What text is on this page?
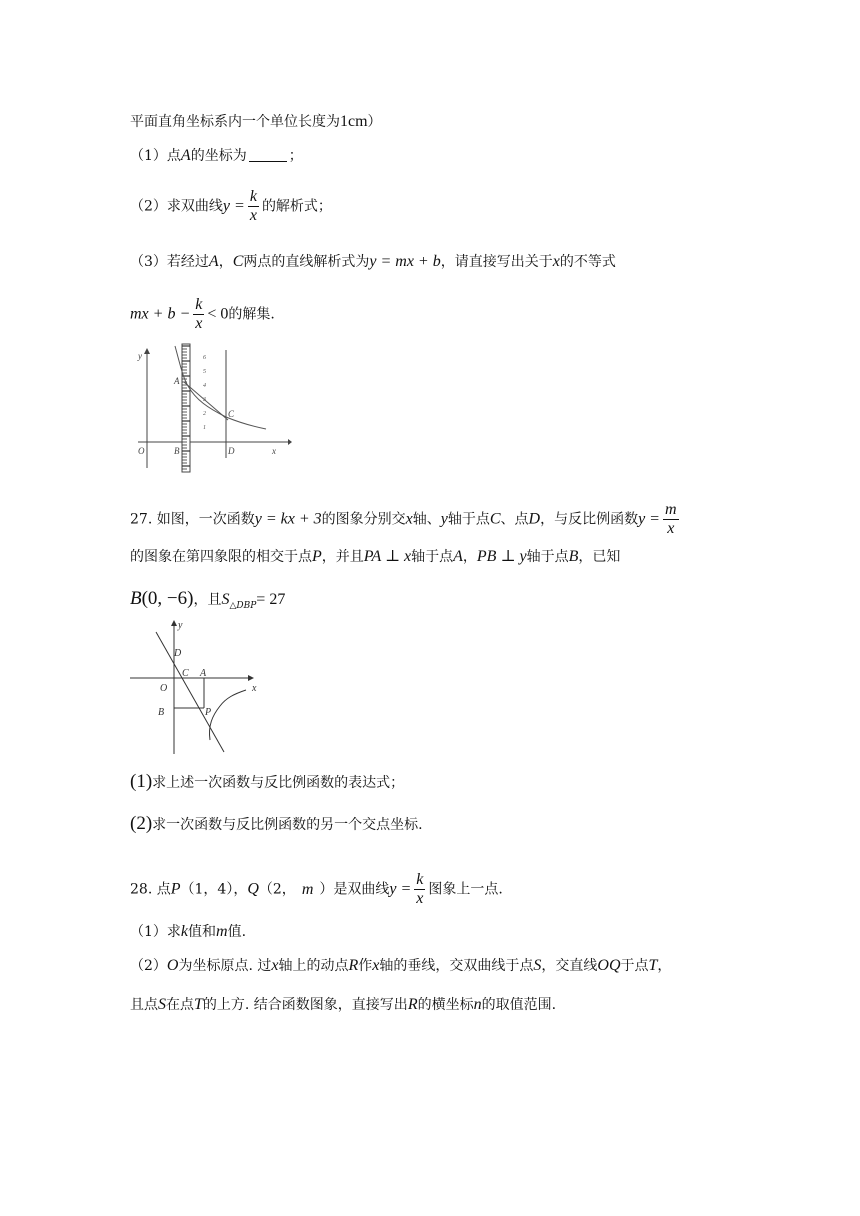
平面直角坐标系内一个单位长度为1cm）
（1）点A的坐标为	；
（2）求双曲线$y = \frac{k}{x}$ 的解析式；
（3）若经过A，C两点的直线解析式为y = mx + b，请直接写出关于x的不等式
mx + $b - \frac{k}{x} < 0$的解集.
y
x
O
A
B
C
D
6
5
4
3
2
1
27. 如图，一次函数y = kx + 3的图象分别交x轴、y轴于点C、点D，与反比例函数$y = \frac{m}{x}$
的图象在第四象限的相交于点P，并且PA ⊥ x轴于点A，PB ⊥ y轴于点B，已知
B(0, −6)，且$S_{\triangle DBP}= 27$
y
x
O
D
C A
B	P
(1)求上述一次函数与反比例函数的表达式；
(2)求一次函数与反比例函数的另一个交点坐标.
28. 点P（1，4），Q（2， m ）是双曲线$y = \frac{k}{x}$ 图象上一点.
（1）求k值和m值.
（2）O为坐标原点. 过x轴上的动点R作x轴的垂线，交双曲线于点S，交直线OQ于点T，
且点S在点T的上方. 结合函数图象，直接写出R的横坐标n的取值范围.
